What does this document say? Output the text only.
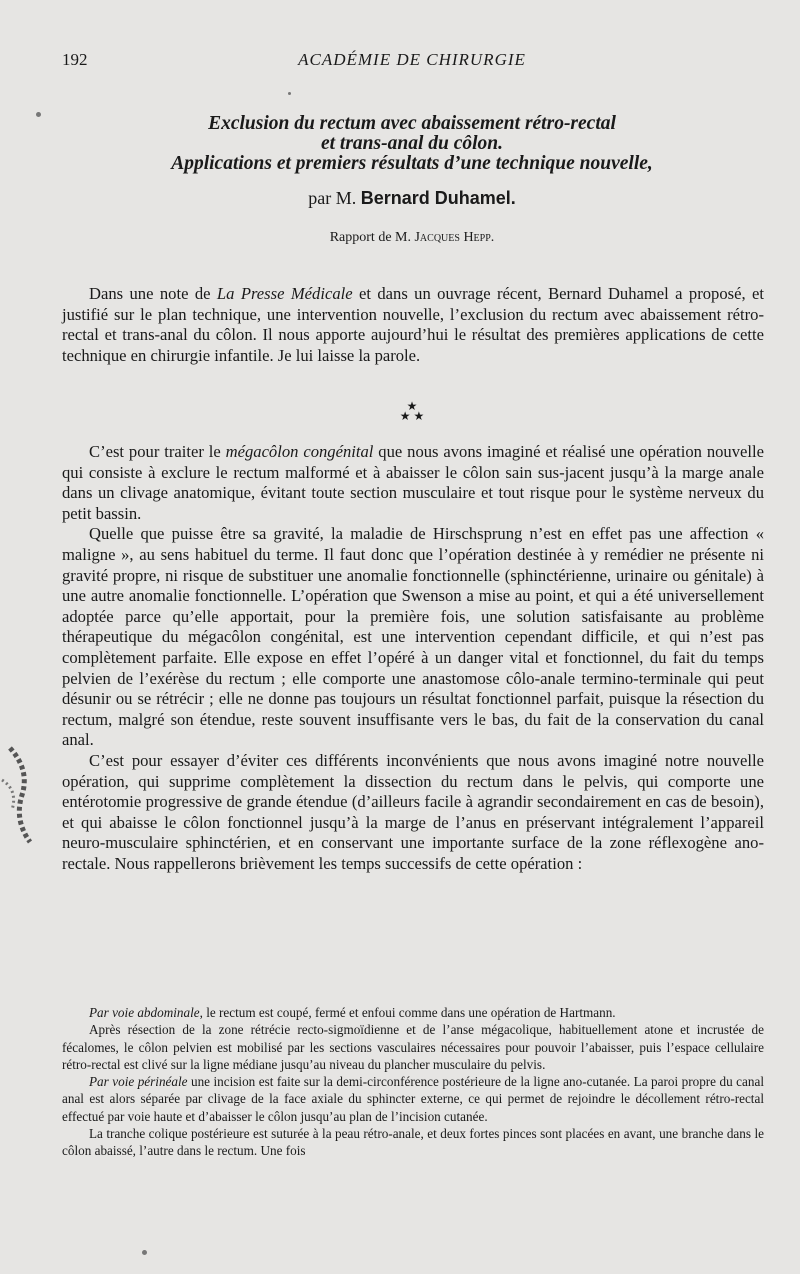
192	ACADÉMIE DE CHIRURGIE
Exclusion du rectum avec abaissement rétro-rectal
et trans-anal du côlon.
Applications et premiers résultats d’une technique nouvelle,
par M. Bernard Duhamel.
Rapport de M. Jacques Hepp.

Dans une note de La Presse Médicale et dans un ouvrage récent, Bernard Duhamel a proposé, et justifié sur le plan technique, une intervention nouvelle, l’exclusion du rectum avec abaissement rétro-rectal et trans-anal du côlon. Il nous apporte aujourd’hui le résultat des premières applications de cette technique en chirurgie infantile. Je lui laisse la parole.

★
★ ★

C’est pour traiter le mégacôlon congénital que nous avons imaginé et réalisé une opération nouvelle qui consiste à exclure le rectum malformé et à abaisser le côlon sain sus-jacent jusqu’à la marge anale dans un clivage anatomique, évitant toute section musculaire et tout risque pour le système nerveux du petit bassin.

Quelle que puisse être sa gravité, la maladie de Hirschsprung n’est en effet pas une affection « maligne », au sens habituel du terme. Il faut donc que l’opération destinée à y remédier ne présente ni gravité propre, ni risque de substituer une anomalie fonctionnelle (sphinctérienne, urinaire ou génitale) à une autre anomalie fonctionnelle. L’opération que Swenson a mise au point, et qui a été universellement adoptée parce qu’elle apportait, pour la première fois, une solution satisfaisante au problème thérapeutique du mégacôlon congénital, est une intervention cependant difficile, et qui n’est pas complètement parfaite. Elle expose en effet l’opéré à un danger vital et fonctionnel, du fait du temps pelvien de l’exérèse du rectum ; elle comporte une anastomose côlo-anale termino-terminale qui peut désunir ou se rétrécir ; elle ne donne pas toujours un résultat fonctionnel parfait, puisque la résection du rectum, malgré son étendue, reste souvent insuffisante vers le bas, du fait de la conservation du canal anal.

C’est pour essayer d’éviter ces différents inconvénients que nous avons imaginé notre nouvelle opération, qui supprime complètement la dissection du rectum dans le pelvis, qui comporte une entérotomie progressive de grande étendue (d’ailleurs facile à agrandir secondairement en cas de besoin), et qui abaisse le côlon fonctionnel jusqu’à la marge de l’anus en préservant intégralement l’appareil neuro-musculaire sphinctérien, et en conservant une importante surface de la zone réflexogène ano-rectale. Nous rappellerons brièvement les temps successifs de cette opération :

Par voie abdominale, le rectum est coupé, fermé et enfoui comme dans une opération de Hartmann.

Après résection de la zone rétrécie recto-sigmoïdienne et de l’anse mégacolique, habituellement atone et incrustée de fécalomes, le côlon pelvien est mobilisé par les sections vasculaires nécessaires pour pouvoir l’abaisser, puis l’espace cellulaire rétro-rectal est clivé sur la ligne médiane jusqu’au niveau du plancher musculaire du pelvis.

Par voie périnéale une incision est faite sur la demi-circonférence postérieure de la ligne ano-cutanée. La paroi propre du canal anal est alors séparée par clivage de la face axiale du sphincter externe, ce qui permet de rejoindre le décollement rétro-rectal effectué par voie haute et d’abaisser le côlon jusqu’au plan de l’incision cutanée.

La tranche colique postérieure est suturée à la peau rétro-anale, et deux fortes pinces sont placées en avant, une branche dans le côlon abaissé, l’autre dans le rectum. Une fois
